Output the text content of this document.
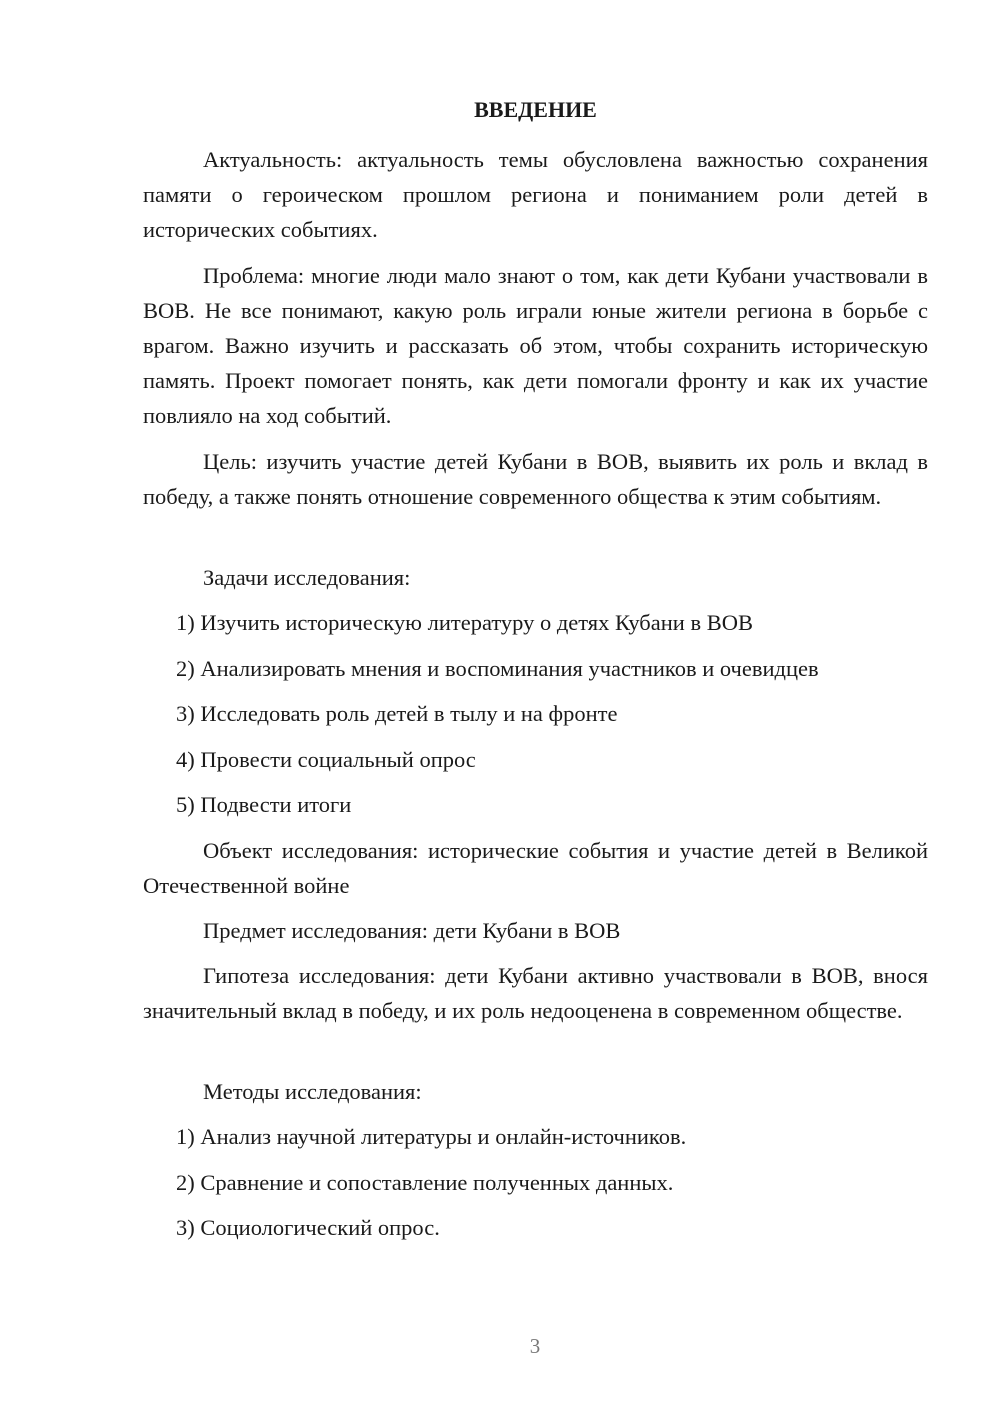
ВВЕДЕНИЕ

Актуальность: актуальность темы обусловлена важностью сохранения памяти о героическом прошлом региона и пониманием роли детей в исторических событиях.

Проблема: многие люди мало знают о том, как дети Кубани участвовали в ВОВ. Не все понимают, какую роль играли юные жители региона в борьбе с врагом. Важно изучить и рассказать об этом, чтобы сохранить историческую память. Проект помогает понять, как дети помогали фронту и как их участие повлияло на ход событий.

Цель: изучить участие детей Кубани в ВОВ, выявить их роль и вклад в победу, а также понять отношение современного общества к этим событиям.

Задачи исследования:
1) Изучить историческую литературу о детях Кубани в ВОВ
2) Анализировать мнения и воспоминания участников и очевидцев
3) Исследовать роль детей в тылу и на фронте
4) Провести социальный опрос
5) Подвести итоги

Объект исследования: исторические события и участие детей в Великой Отечественной войне

Предмет исследования: дети Кубани в ВОВ

Гипотеза исследования: дети Кубани активно участвовали в ВОВ, внося значительный вклад в победу, и их роль недооценена в современном обществе.

Методы исследования:
1) Анализ научной литературы и онлайн-источников.
2) Сравнение и сопоставление полученных данных.
3) Социологический опрос.
3
